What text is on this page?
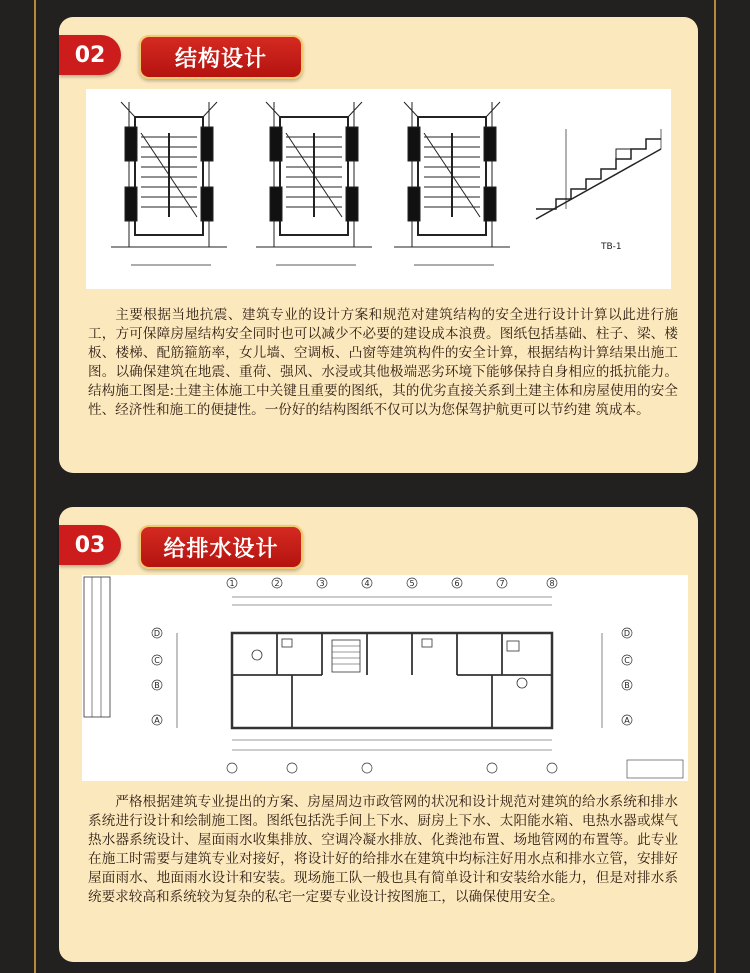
02	结构设计
TB-1

主要根据当地抗震、建筑专业的设计方案和规范对建筑结构的安全进行设计计算以此进行施工，方可保障房屋结构安全同时也可以减少不必要的建设成本浪费。图纸包括基础、柱子、梁、楼板、楼梯、配筋箍筋率，女儿墙、空调板、凸窗等建筑构件的安全计算，根据结构计算结果出施工图。以确保建筑在地震、重荷、强风、水浸或其他极端恶劣环境下能够保持自身相应的抵抗能力。结构施工图是:土建主体施工中关键且重要的图纸，其的优劣直接关系到土建主体和房屋使用的安全性、经济性和施工的便捷性。一份好的结构图纸不仅可以为您保驾护航更可以节约建 筑成本。

03	给排水设计
1	2	3	4	5	6	7	8
D
C
B
A
D
C
B
A

严格根据建筑专业提出的方案、房屋周边市政管网的状况和设计规范对建筑的给水系统和排水系统进行设计和绘制施工图。图纸包括洗手间上下水、厨房上下水、太阳能水箱、电热水器或煤气热水器系统设计、屋面雨水收集排放、空调冷凝水排放、化粪池布置、场地管网的布置等。此专业在施工时需要与建筑专业对接好，将设计好的给排水在建筑中均标注好用水点和排水立管，安排好屋面雨水、地面雨水设计和安装。现场施工队一般也具有简单设计和安装给水能力，但是对排水系统要求较高和系统较为复杂的私宅一定要专业设计按图施工，以确保使用安全。
